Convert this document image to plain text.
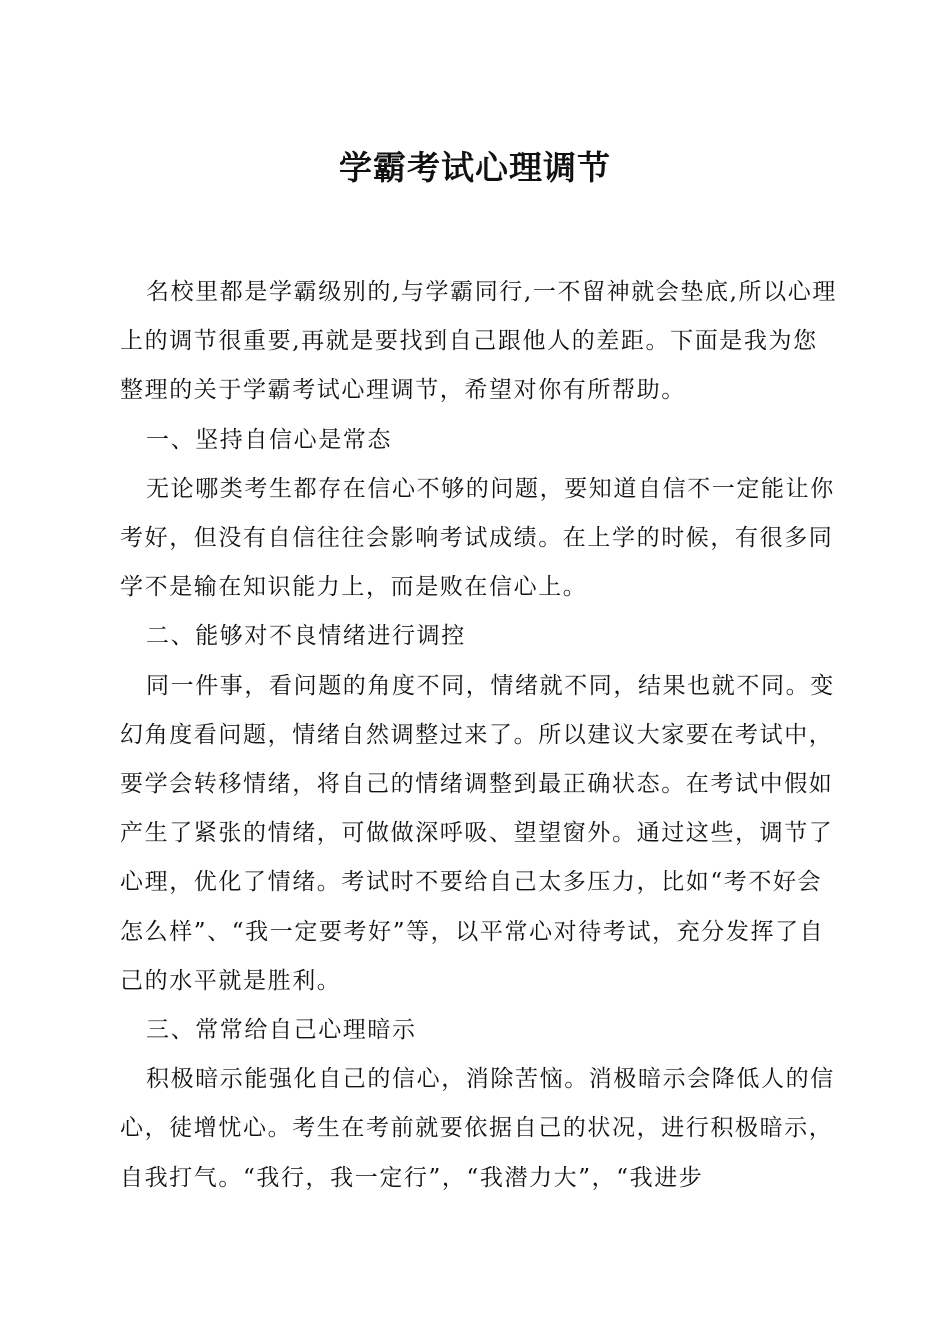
学霸考试心理调节

名校里都是学霸级别的,与学霸同行,一不留神就会垫底,所以心理上的调节很重要,再就是要找到自己跟他人的差距。下面是我为您整理的关于学霸考试心理调节，希望对你有所帮助。

一、坚持自信心是常态

无论哪类考生都存在信心不够的问题，要知道自信不一定能让你考好，但没有自信往往会影响考试成绩。在上学的时候，有很多同学不是输在知识能力上，而是败在信心上。

二、能够对不良情绪进行调控

同一件事，看问题的角度不同，情绪就不同，结果也就不同。变幻角度看问题，情绪自然调整过来了。所以建议大家要在考试中，要学会转移情绪，将自己的情绪调整到最正确状态。在考试中假如产生了紧张的情绪，可做做深呼吸、望望窗外。通过这些，调节了心理，优化了情绪。考试时不要给自己太多压力，比如“考不好会怎么样”、“我一定要考好”等，以平常心对待考试，充分发挥了自己的水平就是胜利。

三、常常给自己心理暗示

积极暗示能强化自己的信心，消除苦恼。消极暗示会降低人的信心，徒增忧心。考生在考前就要依据自己的状况，进行积极暗示，自我打气。“我行，我一定行”，“我潜力大”，“我进步
